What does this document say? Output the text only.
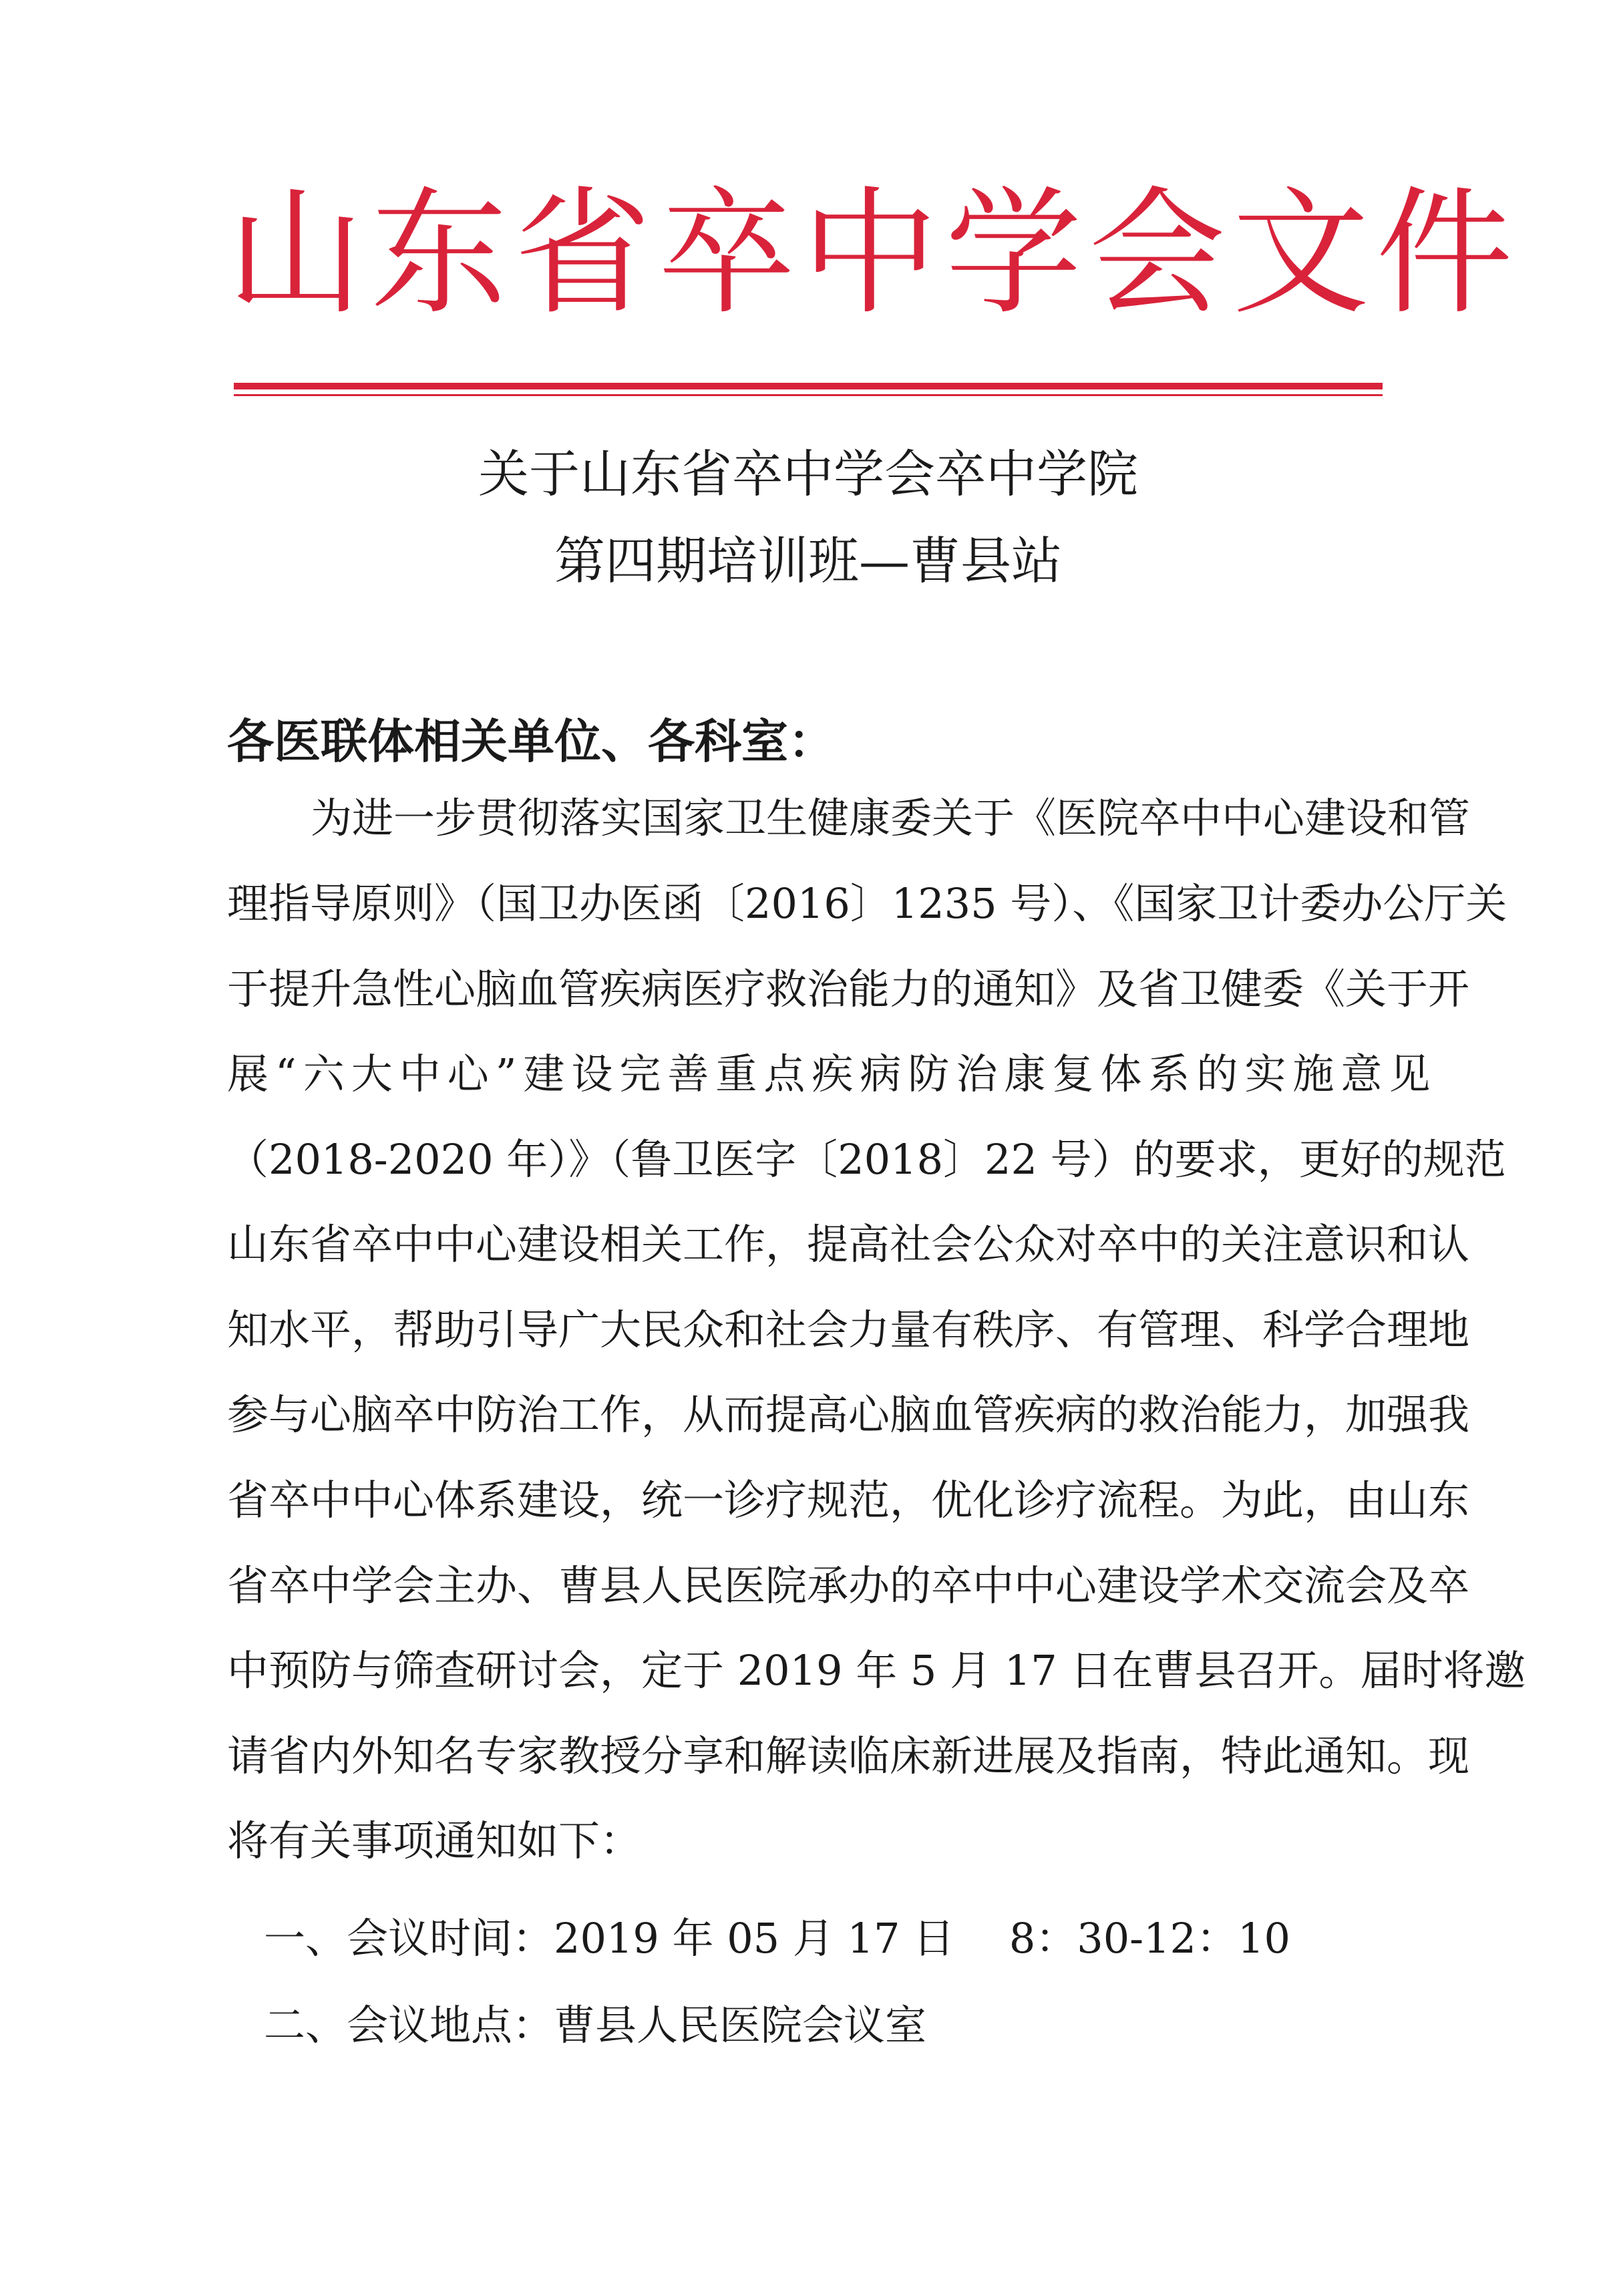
山东省卒中学会文件
关于山东省卒中学会卒中学院
第四期培训班—曹县站
各医联体相关单位、各科室：
为进一步贯彻落实国家卫生健康委关于《医院卒中中心建设和管
理指导原则》（国卫办医函〔2016〕1235 号）、《国家卫计委办公厅关
于提升急性心脑血管疾病医疗救治能力的通知》及省卫健委《关于开
展“六大中心”建设完善重点疾病防治康复体系的实施意见
（2018-2020 年）》（鲁卫医字〔2018〕22 号）的要求，更好的规范
山东省卒中中心建设相关工作，提高社会公众对卒中的关注意识和认
知水平，帮助引导广大民众和社会力量有秩序、有管理、科学合理地
参与心脑卒中防治工作，从而提高心脑血管疾病的救治能力，加强我
省卒中中心体系建设，统一诊疗规范，优化诊疗流程。为此，由山东
省卒中学会主办、曹县人民医院承办的卒中中心建设学术交流会及卒
中预防与筛查研讨会，定于 2019 年 5 月 17 日在曹县召开。届时将邀
请省内外知名专家教授分享和解读临床新进展及指南，特此通知。现
将有关事项通知如下：
一、会议时间：2019 年 05 月 17 日　 8：30-12：10
二、会议地点：曹县人民医院会议室
